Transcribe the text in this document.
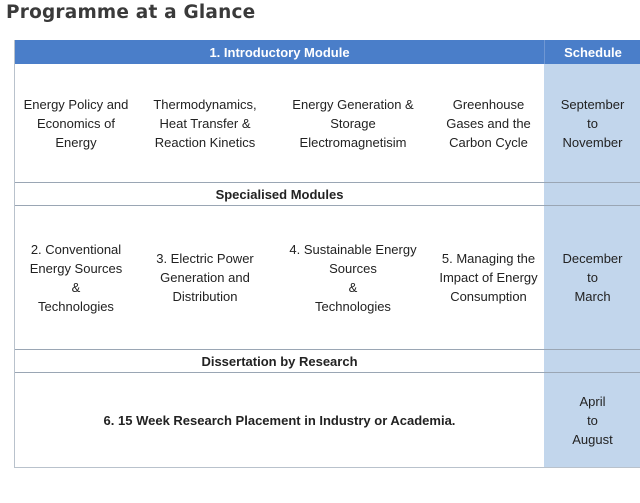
Programme at a Glance
1. Introductory Module	Schedule
Energy Policy and
Economics of
Energy
Thermodynamics,
Heat Transfer &
Reaction Kinetics
Energy Generation &
Storage
Electromagnetisim
Greenhouse
Gases and the
Carbon Cycle
September
to
November
Specialised Modules
2. Conventional
Energy Sources
&
Technologies
3. Electric Power
Generation and
Distribution
4. Sustainable Energy
Sources
&
Technologies
5. Managing the
Impact of Energy
Consumption
December
to
March
Dissertation by Research
6. 15 Week Research Placement in Industry or Academia.
April
to
August
